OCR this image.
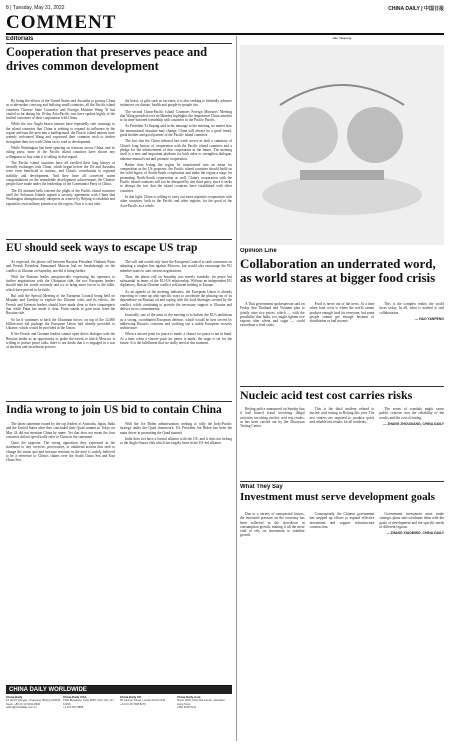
8 | Tuesday, May 31, 2022	CHINA DAILY | 中国日报
COMMENT
Editorials
Cooperation that preserves peace and drives common development

By being the efforts of the United States and Australia to portray China as a rule-maker coercing and bullying small countries, all the Pacific island countries Chinese State Councilor and Foreign Minister Wang Yi has visited so far during his 10-day Asia-Pacific tour have spoken highly of the fruitful outcomes of their cooperation with China.

While the two Anglo-Saxon nations have repeatedly sent warnings to the island countries that China is seeking to expand its influence in the region and turn the area into a battleground, the Pacific island nations have warmly welcomed Wang and expressed their common wish to further strengthen their ties with China on its road to development.

While Washington has been spurring on tensions across China, and its ruling party, none of the Pacific island countries have shown any willingness to buy what it is selling in that regard.

The Pacific island countries have all extolled their long history of friendly exchanges with China, which began before the US and Australia were even beneficial to nations, and China's contribution to regional stability and development. And they have all conveyed warm congratulations on the remarkable development achievements the Chinese people have made under the leadership of the Communist Party of China.

The US alarmed bells concern the plight of the Pacific island countries until the Solomon Islands signed a security agreement with China that Washington disingenuously interprets as a move by Beijing to establish and expand its own military presence in the region. Now it is not only

the heavy of gifts such as vaccines, it is also seeking to belatedly advance initiatives on climate, health and people-to-people ties.

The second China-Pacific Island Countries Foreign Ministers' Meeting that Wang presided over on Monday highlights the importance China attaches to its time-honored friendship with countries in the Pacific Pacific.

As President Xi Jinping said in his message to the meeting, no matter how the international situation may change, China will always be a good friend, good brother and good partner of the Pacific island countries.

The fact that the China released last week serves as both a summary of China's long history of cooperation with the Pacific island countries and a pledge for the advancement of that cooperation in the future. The meeting itself is a new and important platform for both sides to strengthen dialogue, enhance mutual trust and promote cooperation.

Rather than letting the region be transformed into an arena for competition as the US proposes, the Pacific island countries should build on the solid legacy of South-South cooperation and make the region a stage for promoting North-South cooperation as well. China's cooperation with the Pacific island countries will not be disrupted by any third party, since it seeks to disrupt the fact that the island countries have established with other countries.

In that light, China is willing to carry out more tripartite cooperation with other countries, both in the Pacific and other regions, for the good of the Asia-Pacific as a whole.

EU should seek ways to escape US trap

As expected, the phone call between Russian President Vladimir Putin and French President Emmanuel Macron had no breakthrough on the conflict in Ukraine on Saturday, nor did it bring further.

With the Russian leader unequivocally expressing his openness to further negotiations with the Ukrainian side, the two European leaders should take his words seriously and try to bring more forces to the table, which have proved to be futile.

But with the Special Meeting of the European Council being held on Monday and Tuesday to explore the Ukraine crisis and its effects, the French and German leaders should have made clear to their counterparts that while Putin has made it clear, Putin stands to gain most from the Russian side.

So far it continues to back the Ukrainian forces, on top of the 12,000 billion-euro aid package the European Union had already provided to Ukraine, which would be provided to the Union.

If the French and German leaders cannot open direct dialogue with the Russian leader as an opportunity to probe the extent to which Moscow is willing to pursue peace talks, there is not doubt that it is engaged in a war of attrition and an arduous process.

The will and would only have the European Council to seek consensus on adopting a tougher line against Moscow, but would also encourage the EU member states to start serious negotiations.

Thus, the phone call on Saturday was merely symbolic for peace but substantial in terms of the EU-US relationship. Without an independent EU diplomacy, Russia-Ukraine conflict will mean nothing to Europe.

As an agenda of the meeting indicates, the European Union is already expecting to come up with specific ways to accelerate the phasing out of its dependence on Russian oil and coping with the food shortages created by the conflict, while continuing to provide the necessary support to Ukraine and deliver on its commitments.

Ironically, one of the aims of the meeting is to bolster the EU's ambitions as a strong, coordinated European defense, which would be best served by addressing Russia's concerns and working out a stable European security architecture.

When a sincere push for peace is made, a chance for peace is not in hand. At a time when a sincere push for peace is made, the stage is set for the future. It is the fulfillment that we really need at this moment.

India wrong to join US bid to contain China

The latest statement issued by the top leaders of Australia, Japan, India and the United States after they concluded their Quad summit in Tokyo on May 24 did not mention China by name. Yet that does not mean the four countries did not specifically refer to China in the statement.

Quite the opposite. The strong opposition they expressed in the statement to 'any coercive, provocative, or unilateral actions that seek to change the status quo and increase tensions in the area' is widely believed to be a reference to China's claims over the South China Sea and East China Sea.

With the Joe Biden administration seeking to rally the Indo-Pacific strategy under the Quad framework, US President Joe Biden has been the main driver in promoting the Quad summit.

India does not have a formal alliance with the US, and it does not belong to the Anglo-Saxon club which has largely been in the US-led alliance.

Hao Yanpeng
Opinion Line
Collaboration an underrated word, as world stares at bigger food crisis

A Thai government spokesperson said on Friday that Thailand and Vietnam plan to jointly raise rice prices, which — with the possibility that India, too, might tighten rice exports after wheat and sugar — could exacerbate a food crisis.

Food is never out of the news. At a time when food crisis is where the world cannot produce enough food for everyone, but some people cannot get enough because of distribution or bad income.

This is the complex reality the world faces today. In all, what is needed is real collaboration.

— HAO YANPENG
Nucleic acid test cost carries risks

Beijing police announced on Sunday that it had busted fraud involving illegal activities involving nucleic acid test results, as has been carried out by the Zhuoyuan Testing Center.

This is the third incident related to nucleic acid testing in Beijing this year. The test centers are required to produce quick and reliable test results for all residents.

The series of scandals might cause public concern over the reliability of the results and the cost of testing.

— ZHANG ZHOUXIANG, CHINA DAILY
What They Say
Investment must serve development goals

Due to a variety of unexpected factors, the increased pressure on the economy has been reflected in the slowdown in consumption growth, making it all the more vital to rely on investment to stabilize growth.

Consequently, the Chinese government has stepped up efforts to expand effective investment and support infrastructure construction.

Government investment must make strategic plans and coordinate them with the goals of development and the specific needs of different regions.

— ZHANG XIAOMING, CHINA DAILY
CHINA DAILY WORLDWIDE
China Daily
15 Huixin Dongjie, Chaoyang, Beijing 100029
News: +86 (0) 10 6491-8366
editor@chinadaily.com.cn
China Daily USA
1500 Broadway, Suite 2800, New York, NY 10036
+1 212 537 8888
China Daily UK
90 Cannon Street, London EC4N 6HA
+44 (0) 20 7398 8270
China Daily Asia
Room 1818, Hing Wai Centre, Aberdeen, Hong Kong
+852 2518 5111
